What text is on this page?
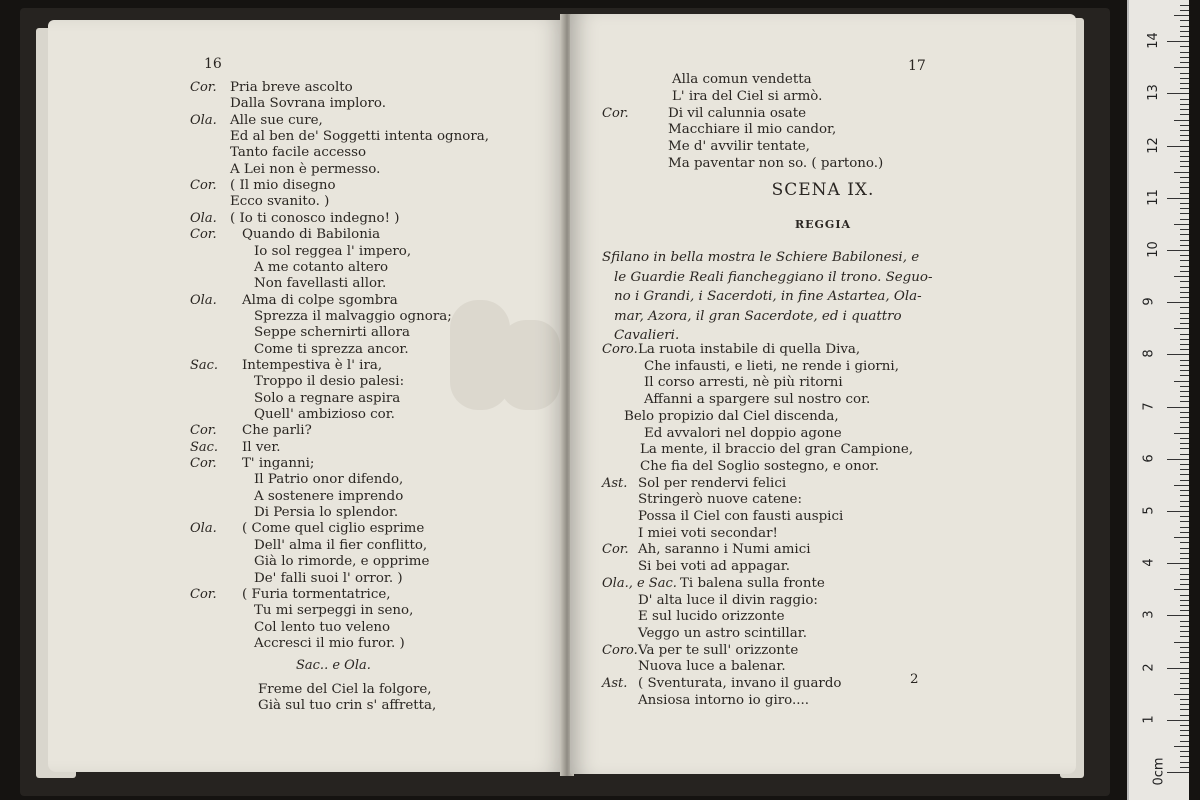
16
Cor. Pria breve ascolto
Dalla Sovrana imploro.
Ola. Alle sue cure,
Ed al ben de' Soggetti intenta ognora,
Tanto facile accesso
A Lei non è permesso.
Cor. ( Il mio disegno
Ecco svanito. )
Ola. ( Io ti conosco indegno! )
Cor. Quando di Babilonia
Io sol reggea l' impero,
A me cotanto altero
Non favellasti allor.
Ola. Alma di colpe sgombra
Sprezza il malvaggio ognora;
Seppe schernirti allora
Come ti sprezza ancor.
Sac. Intempestiva è l' ira,
Troppo il desio palesi:
Solo a regnare aspira
Quell' ambizioso cor.
Cor. Che parli?
Sac. Il ver.
Cor. T' inganni;
Il Patrio onor difendo,
A sostenere imprendo
Di Persia lo splendor.
Ola. ( Come quel ciglio esprime
Dell' alma il fier conflitto,
Già lo rimorde, e opprime
De' falli suoi l' orror. )
Cor. ( Furia tormentatrice,
Tu mi serpeggi in seno,
Col lento tuo veleno
Accresci il mio furor. )
Sac.. e Ola.
Freme del Ciel la folgore,
Già sul tuo crin s' affretta,
17
Alla comun vendetta
L' ira del Ciel si armò.
Cor.	Di vil calunnia osate
Macchiare il mio candor,
Me d' avvilir tentate,
Ma paventar non so. ( partono.)
SCENA IX.
REGGIA
Sfilano in bella mostra le Schiere Babilonesi, e
le Guardie Reali fiancheggiano il trono. Seguo-
no i Grandi, i Sacerdoti, in fine Astartea, Ola-
mar, Azora, il gran Sacerdote, ed i quattro
Cavalieri.
Coro. La ruota instabile di quella Diva,
Che infausti, e lieti, ne rende i giorni,
Il corso arresti, nè più ritorni
Affanni a spargere sul nostro cor.
Belo propizio dal Ciel discenda,
Ed avvalori nel doppio agone
La mente, il braccio del gran Campione,
Che fia del Soglio sostegno, e onor.
Ast. Sol per rendervi felici
Stringerò nuove catene:
Possa il Ciel con fausti auspici
I miei voti secondar!
Cor. Ah, saranno i Numi amici
Si bei voti ad appagar.
Ola., e Sac. Ti balena sulla fronte
D' alta luce il divin raggio:
E sul lucido orizzonte
Veggo un astro scintillar.
Coro. Va per te sull' orizzonte
Nuova luce a balenar.
Ast. ( Sventurata, invano il guardo
Ansiosa intorno io giro....
2
0cm
1
2
3
4
5
6
7
8
9
10
11
12
13
14
